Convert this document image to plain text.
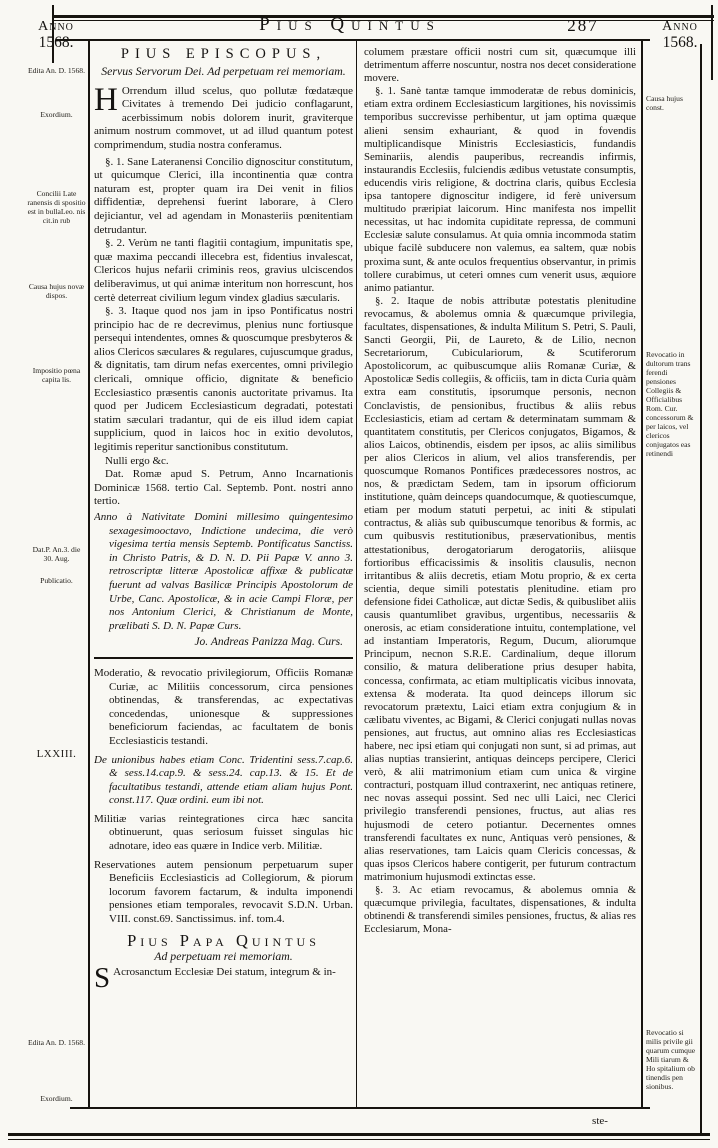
Anno
1568.
Pius Quintus	287	Anno
1568.
Edita An. D. 1568.
Exordium.
Concilii Late ranensis di spositio est in bullaLeo. nis cit.in rub
Causa hujus novæ dispos.
Impositio pœna capita lis.
Dat.P. An.3. die 30. Aug.
Publicatio.
LXXIII.
Edita An. D. 1568.
Exordium.
Causa hujus const.
Revocatio in dultorum trans ferendi pensiones Collegiis & Officialibus Rom. Cur. concessorum & per laicos, vel clericos conjugatos eas retinendi
Revocatio si milis privile gii quarum cumque Mili tiarum & Ho spitalium ob tinendis pen sionibus.
PIUS EPISCOPUS,
Servus Servorum Dei. Ad perpetuam rei memoriam.

H Orrendum illud scelus, quo pollutæ fœdatæque Civitates à tremendo Dei judicio conflagarunt, acerbissimum nobis dolorem inurit, graviterque animum nostrum commovet, ut ad illud quantum potest comprimendum, studia nostra conferamus.

§. 1. Sane Lateranensi Concilio dignoscitur constitutum, ut quicumque Clerici, illa incontinentia quæ contra naturam est, propter quam ira Dei venit in filios diffidentiæ, deprehensi fuerint laborare, à Clero dejiciantur, vel ad agendam in Monasteriis pœnitentiam detrudantur.

§. 2. Verùm ne tanti flagitii contagium, impunitatis spe, quæ maxima peccandi illecebra est, fidentius invalescat, Clericos hujus nefarii criminis reos, gravius ulciscendos deliberavimus, ut qui animæ interitum non horrescunt, hos certè deterreat civilium legum vindex gladius sæcularis.

§. 3. Itaque quod nos jam in ipso Pontificatus nostri principio hac de re decrevimus, plenius nunc fortiusque persequi intendentes, omnes & quoscumque presbyteros & alios Clericos sæculares & regulares, cujuscumque gradus, & dignitatis, tam dirum nefas exercentes, omni privilegio clericali, omnique officio, dignitate & beneficio Ecclesiastico præsentis canonis auctoritate privamus. Ita quod per Judicem Ecclesiasticum degradati, potestati statim sæculari tradantur, qui de eis illud idem capiat supplicium, quod in laicos hoc in exitio devolutos, legitimis reperitur sanctionibus constitutum.

Nulli ergo &c.

Dat. Romæ apud S. Petrum, Anno Incarnationis Dominicæ 1568. tertio Cal. Septemb. Pont. nostri anno tertio.

Anno à Nativitate Domini millesimo quingentesimo sexagesimooctavo, Indictione undecima, die verò vigesima tertia mensis Septemb. Pontificatus Sanctiss. in Christo Patris, & D. N. D. Pii Papæ V. anno 3. retroscriptæ litteræ Apostolicæ affixæ & publicatæ fuerunt ad valvas Basilicæ Principis Apostolorum de Urbe, Canc. Apostolicæ, & in acie Campi Floræ, per nos Antonium Clerici, & Christianum de Monte, prælibati S. D. N. Papæ Curs.

Jo. Andreas Panizza Mag. Curs.

Moderatio, & revocatio privilegiorum, Officiis Romanæ Curiæ, ac Militiis concessorum, circa pensiones obtinendas, & transferendas, ac expectativas concedendas, unionesque & suppressiones beneficiorum faciendas, ac facultatem de bonis Ecclesiasticis testandi.

De unionibus habes etiam Conc. Tridentini sess.7.cap.6. & sess.14.cap.9. & sess.24. cap.13. & 15. Et de facultatibus testandi, attende etiam aliam hujus Pont. const.117. Quæ ordini. eum ibi not.

Militiæ varias reintegrationes circa hæc sancita obtinuerunt, quas seriosum fuisset singulas hic adnotare, ideo eas quære in Indice verb. Militiæ.

Reservationes autem pensionum perpetuarum super Beneficiis Ecclesiasticis ad Collegiorum, & piorum locorum favorem factarum, & indulta imponendi pensiones etiam temporales, revocavit S.D.N. Urban. VIII. const.69. Sanctissimus. inf. tom.4.

Pius Papa Quintus
Ad perpetuam rei memoriam.

S Acrosanctum Ecclesiæ Dei statum, integrum & in-

columem præstare officii nostri cum sit, quæcumque illi detrimentum afferre noscuntur, nostra nos decet consideratione movere.

§. 1. Sanè tantæ tamque immoderatæ de rebus dominicis, etiam extra ordinem Ecclesiasticum largitiones, his novissimis temporibus succrevisse perhibentur, ut jam optima quæque alieni sensim exhauriant, & quod in fovendis multiplicandisque Ministris Ecclesiasticis, fundandis Seminariis, alendis pauperibus, recreandis infirmis, instaurandis Ecclesiis, fulciendis ædibus vetustate consumptis, educendis viris religione, & doctrina claris, quibus Ecclesia ipsa tantopere dignoscitur indigere, id ferè universum multitudo præripiat laicorum. Hinc manifesta nos impellit necessitas, ut hac indomita cupiditate repressa, de communi Ecclesiæ salute consulamus. At quia omnia incommoda statim ubique facilè subducere non valemus, ea saltem, quæ nobis proxima sunt, & ante oculos frequentius observantur, in primis tollere curabimus, ut ceteri omnes cum venerit usus, æquiore animo patiantur.

§. 2. Itaque de nobis attributæ potestatis plenitudine revocamus, & abolemus omnia & quæcumque privilegia, facultates, dispensationes, & indulta Militum S. Petri, S. Pauli, Sancti Georgii, Pii, de Laureto, & de Lilio, necnon Secretariorum, Cubiculariorum, & Scutiferorum Apostolicorum, ac quibuscumque aliis Romanæ Curiæ, & Apostolicæ Sedis collegiis, & officiis, tam in dicta Curia quàm extra eam constitutis, ipsorumque personis, necnon Conclavistis, de pensionibus, fructibus & aliis rebus Ecclesiasticis, etiam ad certam & determinatam summam & quantitatem constitutis, per Clericos conjugatos, Bigamos, & alios Laicos, obtinendis, eisdem per ipsos, ac aliis similibus per alios Clericos in alium, vel alios transferendis, per quoscumque Romanos Pontifices prædecessores nostros, ac nos, & prædictam Sedem, tam in ipsorum officiorum institutione, quàm deinceps quandocumque, & quotiescumque, etiam per modum statuti perpetui, ac initi & stipulati contractus, & aliàs sub quibuscumque tenoribus & formis, ac cum quibusvis restitutionibus, præservationibus, mentis attestationibus, derogatoriarum derogatoriis, aliisque fortioribus efficacissimis & insolitis clausulis, necnon irritantibus & aliis decretis, etiam Motu proprio, & ex certa scientia, deque simili potestatis plenitudine. etiam pro defensione fidei Catholicæ, aut dictæ Sedis, & quibuslibet aliis causis quantumlibet gravibus, urgentibus, necessariis & onerosis, ac etiam consideratione intuitu, contemplatione, vel ad instantiam Imperatoris, Regum, Ducum, aliorumque Principum, necnon S.R.E. Cardinalium, deque illorum consilio, & matura deliberatione prius desuper habita, concessa, confirmata, ac etiam multiplicatis vicibus innovata, extensa & moderata. Ita quod deinceps illorum sic revocatorum prætextu, Laici etiam extra conjugium & in cælibatu viventes, ac Bigami, & Clerici conjugati nullas novas pensiones, aut fructus, aut omnino alias res Ecclesiasticas habere, nec ipsi etiam qui conjugati non sunt, si ad primas, aut alias nuptias transierint, antiquas deinceps percipere, Clerici verò, & alii matrimonium etiam cum unica & virgine contracturi, postquam illud contraxerint, nec antiquas retinere, nec novas assequi possint. Sed nec ulli Laici, nec Clerici privilegio transferendi pensiones, fructus, aut alias res hujusmodi de cetero potiantur. Decernentes omnes transferendi facultates ex nunc, Antiquas verò pensiones, & alias reservationes, tam Laicis quam Clericis concessas, & quas ipsos Clericos habere contigerit, per futurum contractum matrimonium hujusmodi extinctas esse.

§. 3. Ac etiam revocamus, & abolemus omnia & quæcumque privilegia, facultates, dispensationes, & indulta obtinendi & transferendi similes pensiones, fructus, & alias res Ecclesiarum, Mona-

ste-
